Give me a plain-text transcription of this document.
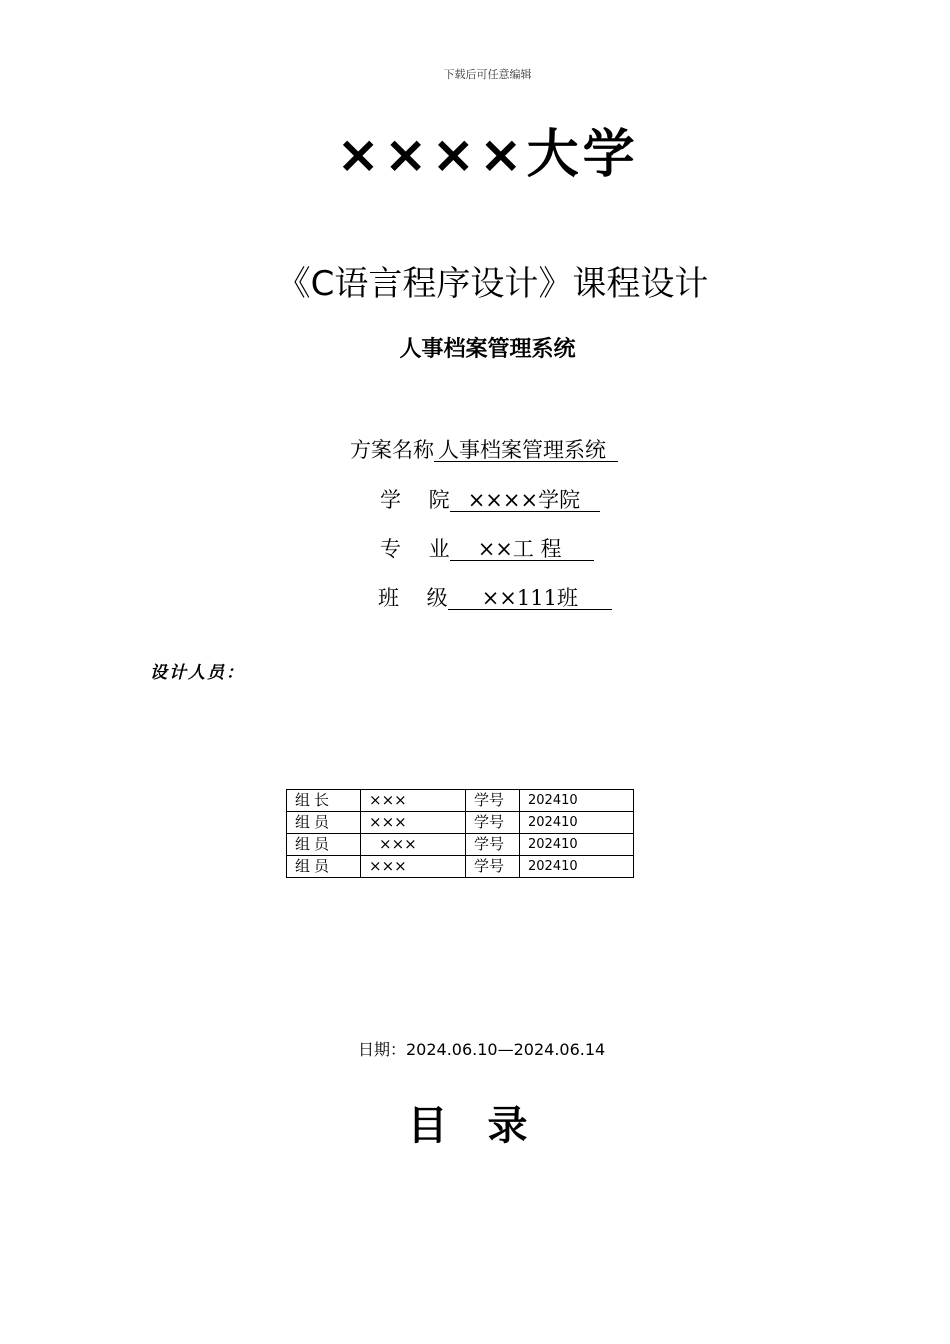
下载后可任意编辑
××××大学
《C语言程序设计》课程设计
人事档案管理系统
方案名称 人事档案管理系统
学　 院 ××××学院
专　 业 ××工 程
班　 级 ××111班
设计人员：
组长	×××	学号	202410
组员	×××	学号	202410
组员	×××	学号	202410
组员	×××	学号	202410
日期：2024.06.10—2024.06.14
目录
